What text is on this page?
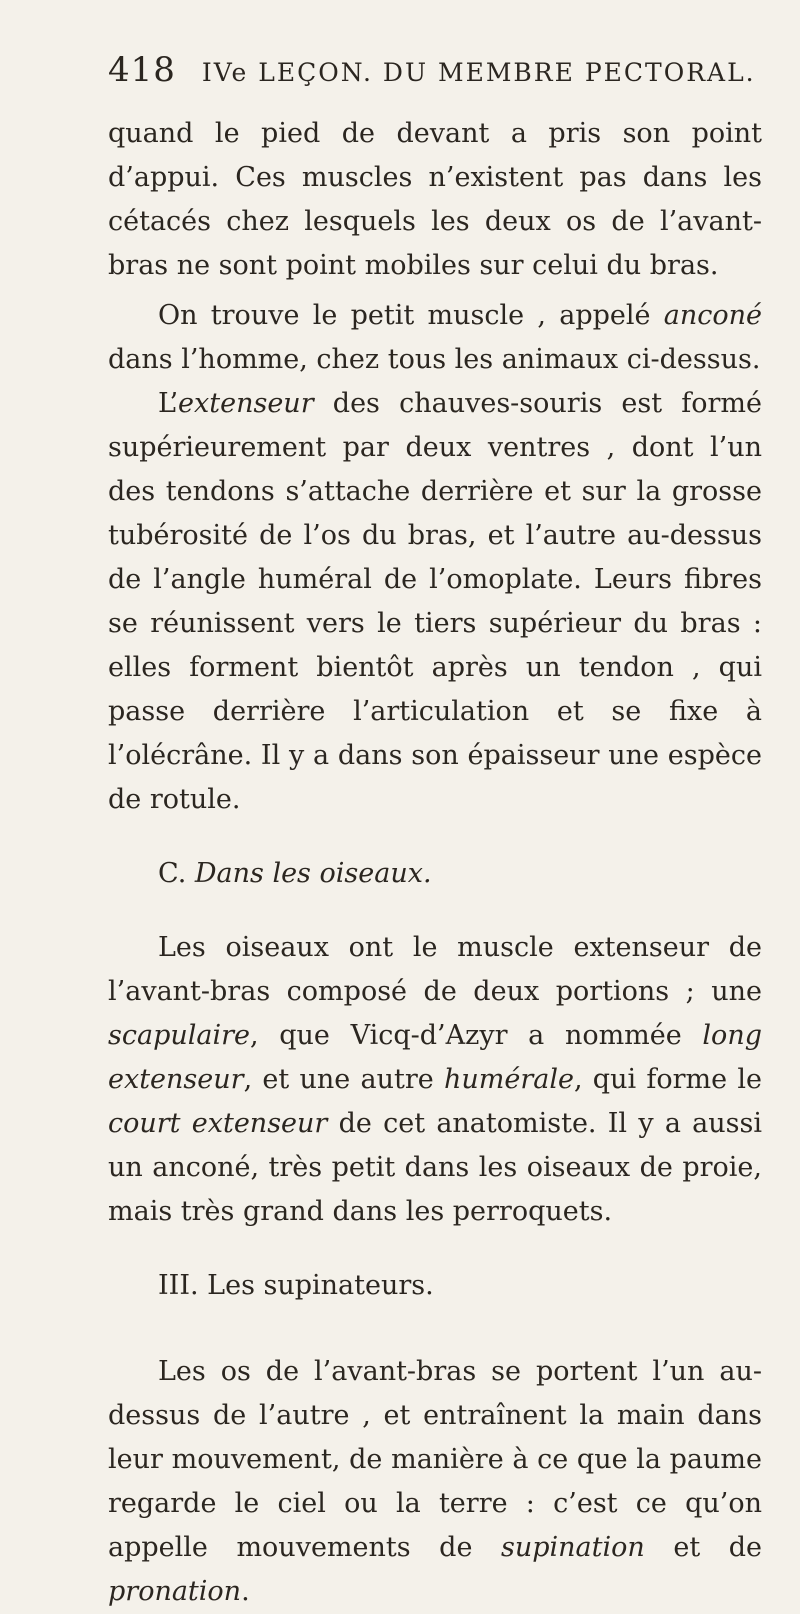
418 IVe LEÇON. DU MEMBRE PECTORAL.

quand le pied de devant a pris son point d’appui. Ces muscles n’existent pas dans les cétacés chez lesquels les deux os de l’avant-bras ne sont point mobiles sur celui du bras.

On trouve le petit muscle , appelé anconé dans l’homme, chez tous les animaux ci-dessus.

L’extenseur des chauves-souris est formé supérieurement par deux ventres , dont l’un des tendons s’attache derrière et sur la grosse tubérosité de l’os du bras, et l’autre au-dessus de l’angle huméral de l’omoplate. Leurs fibres se réunissent vers le tiers supérieur du bras : elles forment bientôt après un tendon , qui passe derrière l’articulation et se fixe à l’olécrâne. Il y a dans son épaisseur une espèce de rotule.

C. Dans les oiseaux.

Les oiseaux ont le muscle extenseur de l’avant-bras composé de deux portions ; une scapulaire, que Vicq-d’Azyr a nommée long extenseur, et une autre humérale, qui forme le court extenseur de cet anatomiste. Il y a aussi un anconé, très petit dans les oiseaux de proie, mais très grand dans les perroquets.

III. Les supinateurs.

Les os de l’avant-bras se portent l’un au-dessus de l’autre , et entraînent la main dans leur mouvement, de manière à ce que la paume regarde le ciel ou la terre : c’est ce qu’on appelle mouvements de supination et de pronation.
